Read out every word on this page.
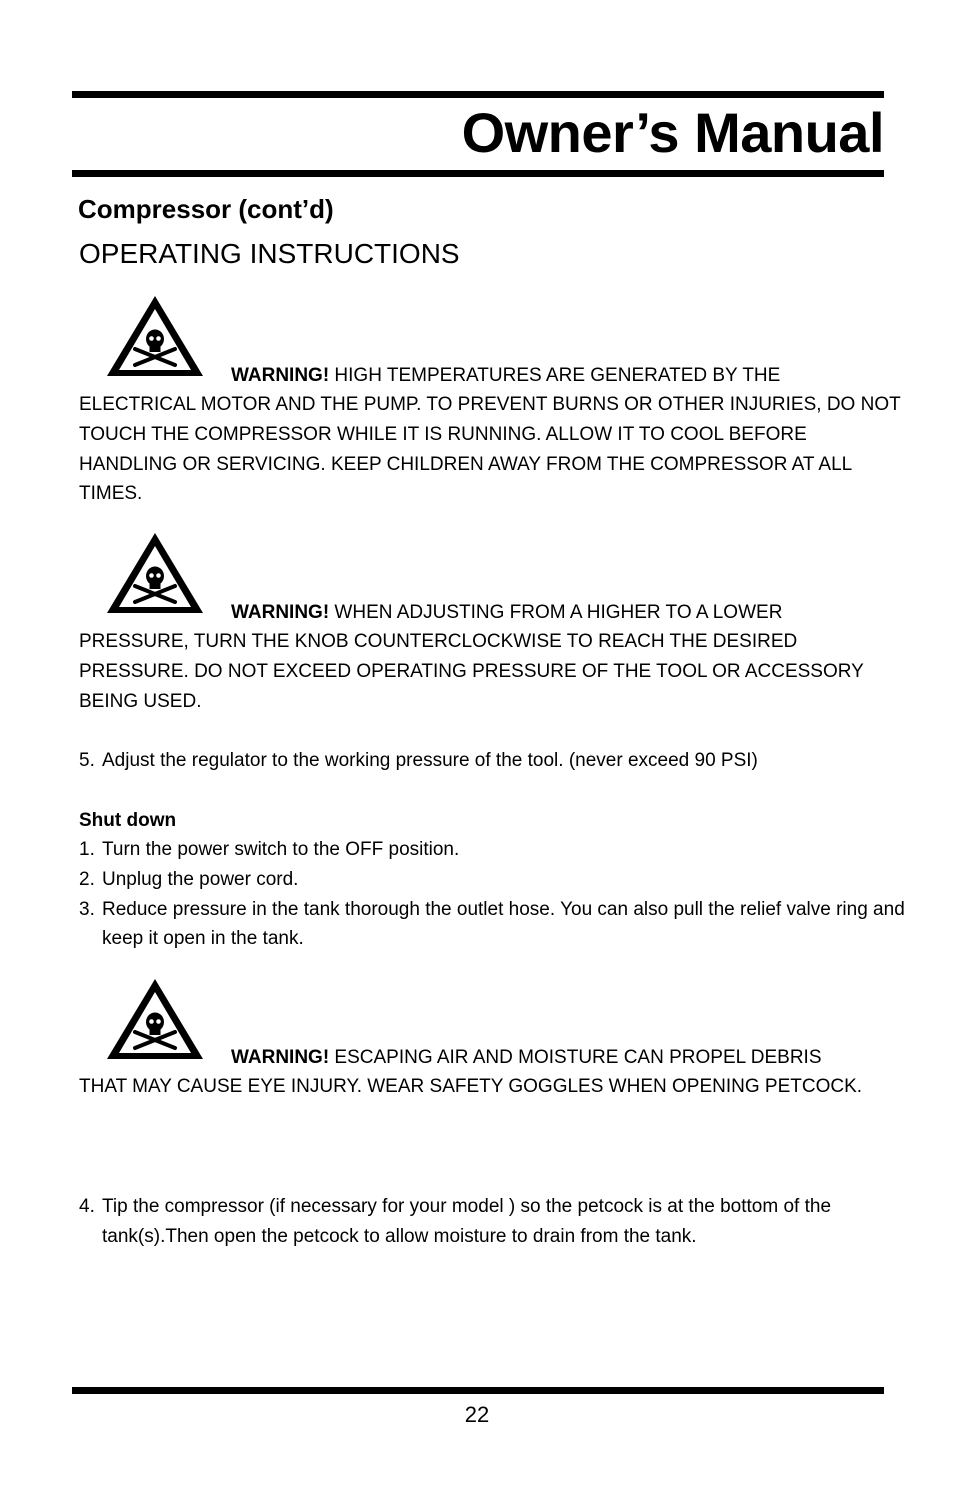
Owner’s Manual
Compressor (cont’d)
OPERATING INSTRUCTIONS

WARNING! HIGH TEMPERATURES ARE GENERATED BY THE

ELECTRICAL MOTOR AND THE PUMP. TO PREVENT BURNS OR OTHER INJURIES, DO NOT TOUCH THE COMPRESSOR WHILE IT IS RUNNING. ALLOW IT TO COOL BEFORE HANDLING OR SERVICING. KEEP CHILDREN AWAY FROM THE COMPRESSOR AT ALL TIMES.

WARNING! WHEN ADJUSTING FROM A HIGHER TO A LOWER

PRESSURE, TURN THE KNOB COUNTERCLOCKWISE TO REACH THE DESIRED PRESSURE. DO NOT EXCEED OPERATING PRESSURE OF THE TOOL OR ACCESSORY BEING USED.

5. Adjust the regulator to the working pressure of the tool. (never exceed 90 PSI)

Shut down

1. Turn the power switch to the OFF position.
2. Unplug the power cord.
3. Reduce pressure in the tank thorough the outlet hose. You can also pull the relief valve ring and keep it open in the tank.

WARNING! ESCAPING AIR AND MOISTURE CAN PROPEL DEBRIS

THAT MAY CAUSE EYE INJURY. WEAR SAFETY GOGGLES WHEN OPENING PETCOCK.

4. Tip the compressor (if necessary for your model ) so the petcock is at the bottom of the tank(s).Then open the petcock to allow moisture to drain from the tank.

22
